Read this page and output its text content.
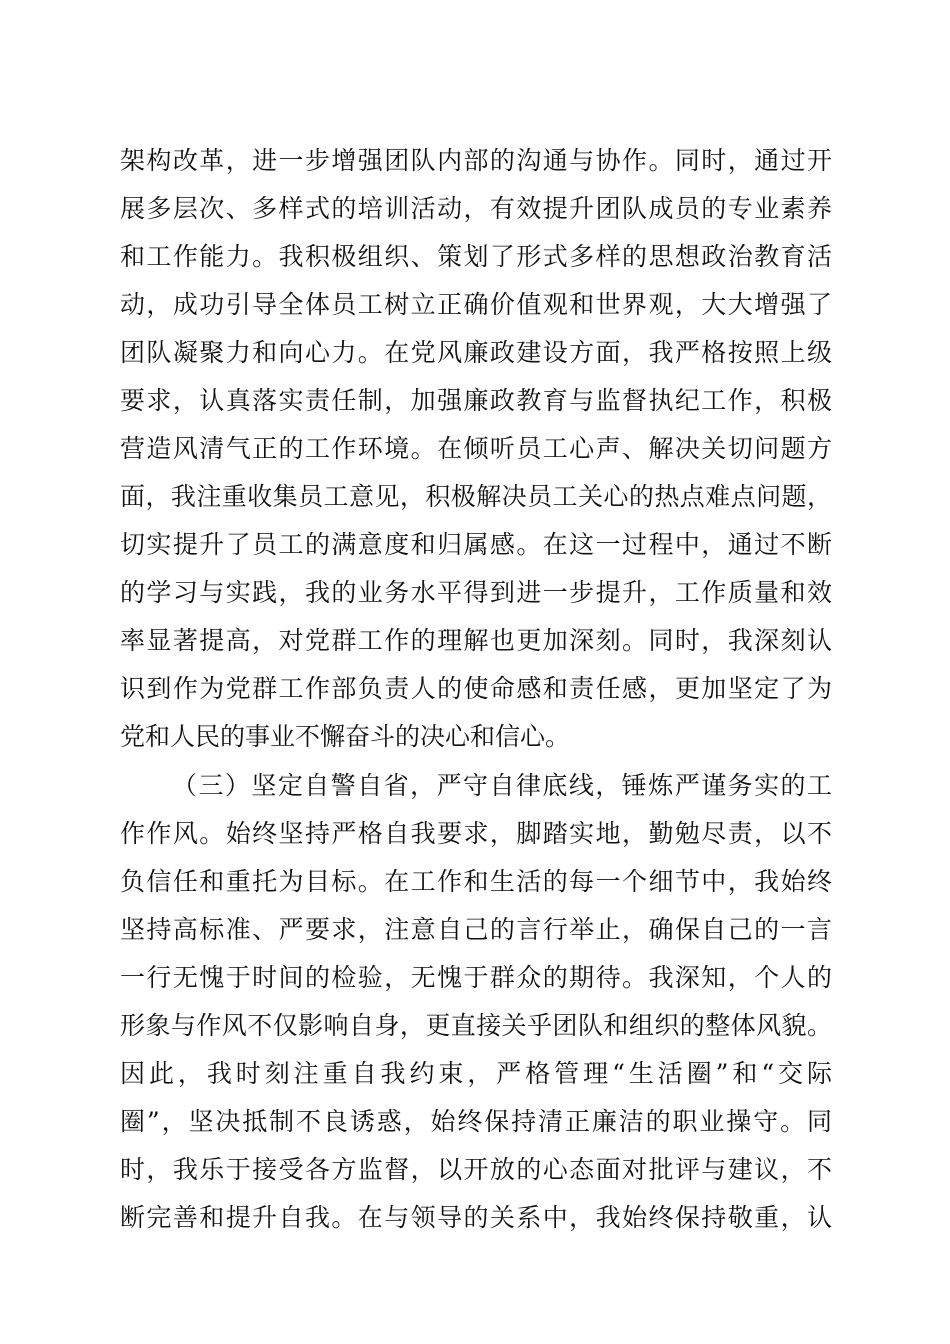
架构改革，进一步增强团队内部的沟通与协作。同时，通过开
展多层次、多样式的培训活动，有效提升团队成员的专业素养
和工作能力。我积极组织、策划了形式多样的思想政治教育活
动，成功引导全体员工树立正确价值观和世界观，大大增强了
团队凝聚力和向心力。在党风廉政建设方面，我严格按照上级
要求，认真落实责任制，加强廉政教育与监督执纪工作，积极
营造风清气正的工作环境。在倾听员工心声、解决关切问题方
面，我注重收集员工意见，积极解决员工关心的热点难点问题，
切实提升了员工的满意度和归属感。在这一过程中，通过不断
的学习与实践，我的业务水平得到进一步提升，工作质量和效
率显著提高，对党群工作的理解也更加深刻。同时，我深刻认
识到作为党群工作部负责人的使命感和责任感，更加坚定了为
党和人民的事业不懈奋斗的决心和信心。
（三）坚定自警自省，严守自律底线，锤炼严谨务实的工
作作风。始终坚持严格自我要求，脚踏实地，勤勉尽责，以不
负信任和重托为目标。在工作和生活的每一个细节中，我始终
坚持高标准、严要求，注意自己的言行举止，确保自己的一言
一行无愧于时间的检验，无愧于群众的期待。我深知，个人的
形象与作风不仅影响自身，更直接关乎团队和组织的整体风貌。
因此，我时刻注重自我约束，严格管理“生活圈”和“交际
圈”，坚决抵制不良诱惑，始终保持清正廉洁的职业操守。同
时，我乐于接受各方监督，以开放的心态面对批评与建议，不
断完善和提升自我。在与领导的关系中，我始终保持敬重，认
